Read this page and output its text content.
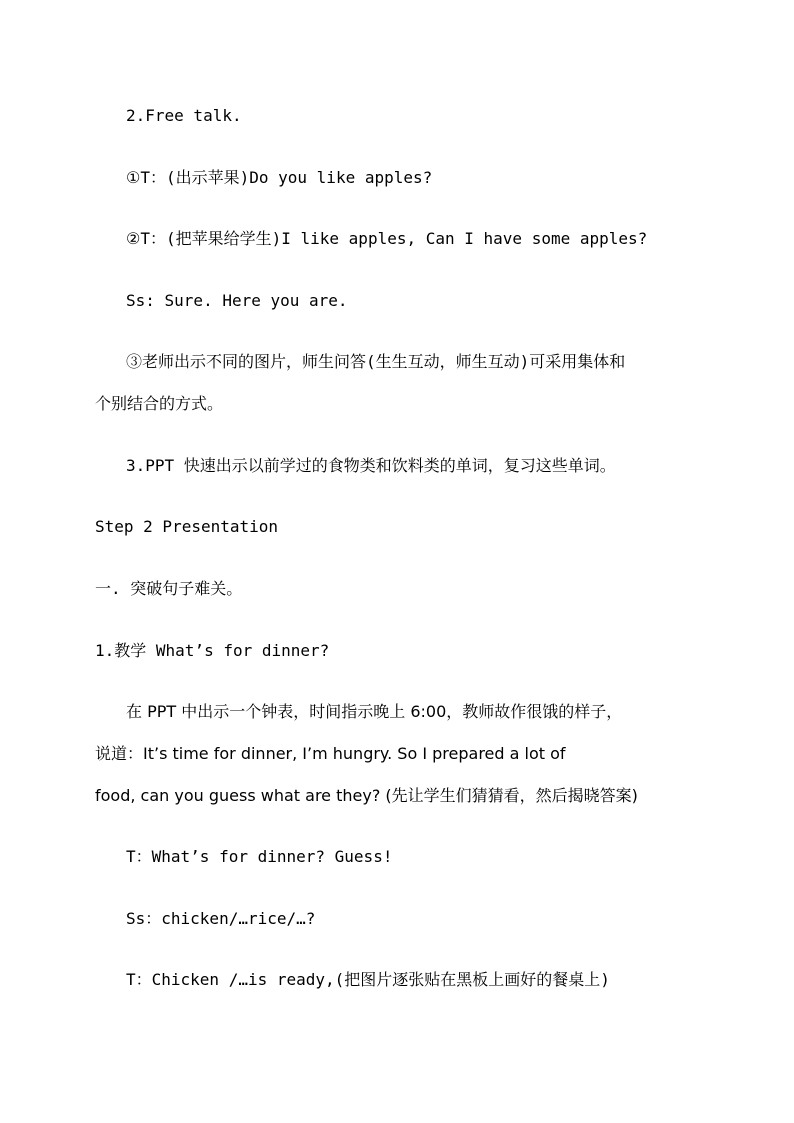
2.Free talk.
①T：(出示苹果)Do you like apples?
②T：(把苹果给学生)I like apples, Can I have some apples?
Ss: Sure. Here you are.
③老师出示不同的图片，师生问答(生生互动，师生互动)可采用集体和
个别结合的方式。
3.PPT 快速出示以前学过的食物类和饮料类的单词，复习这些单词。
Step 2 Presentation
一. 突破句子难关。
1.教学 What’s for dinner?
在 PPT 中出示一个钟表，时间指示晚上 6:00，教师故作很饿的样子，
说道：It’s time for dinner, I’m hungry. So I prepared a lot of
food, can you guess what are they? (先让学生们猜猜看，然后揭晓答案)
T：What’s for dinner? Guess!
Ss：chicken/…rice/…?
T：Chicken /…is ready,(把图片逐张贴在黑板上画好的餐桌上)
